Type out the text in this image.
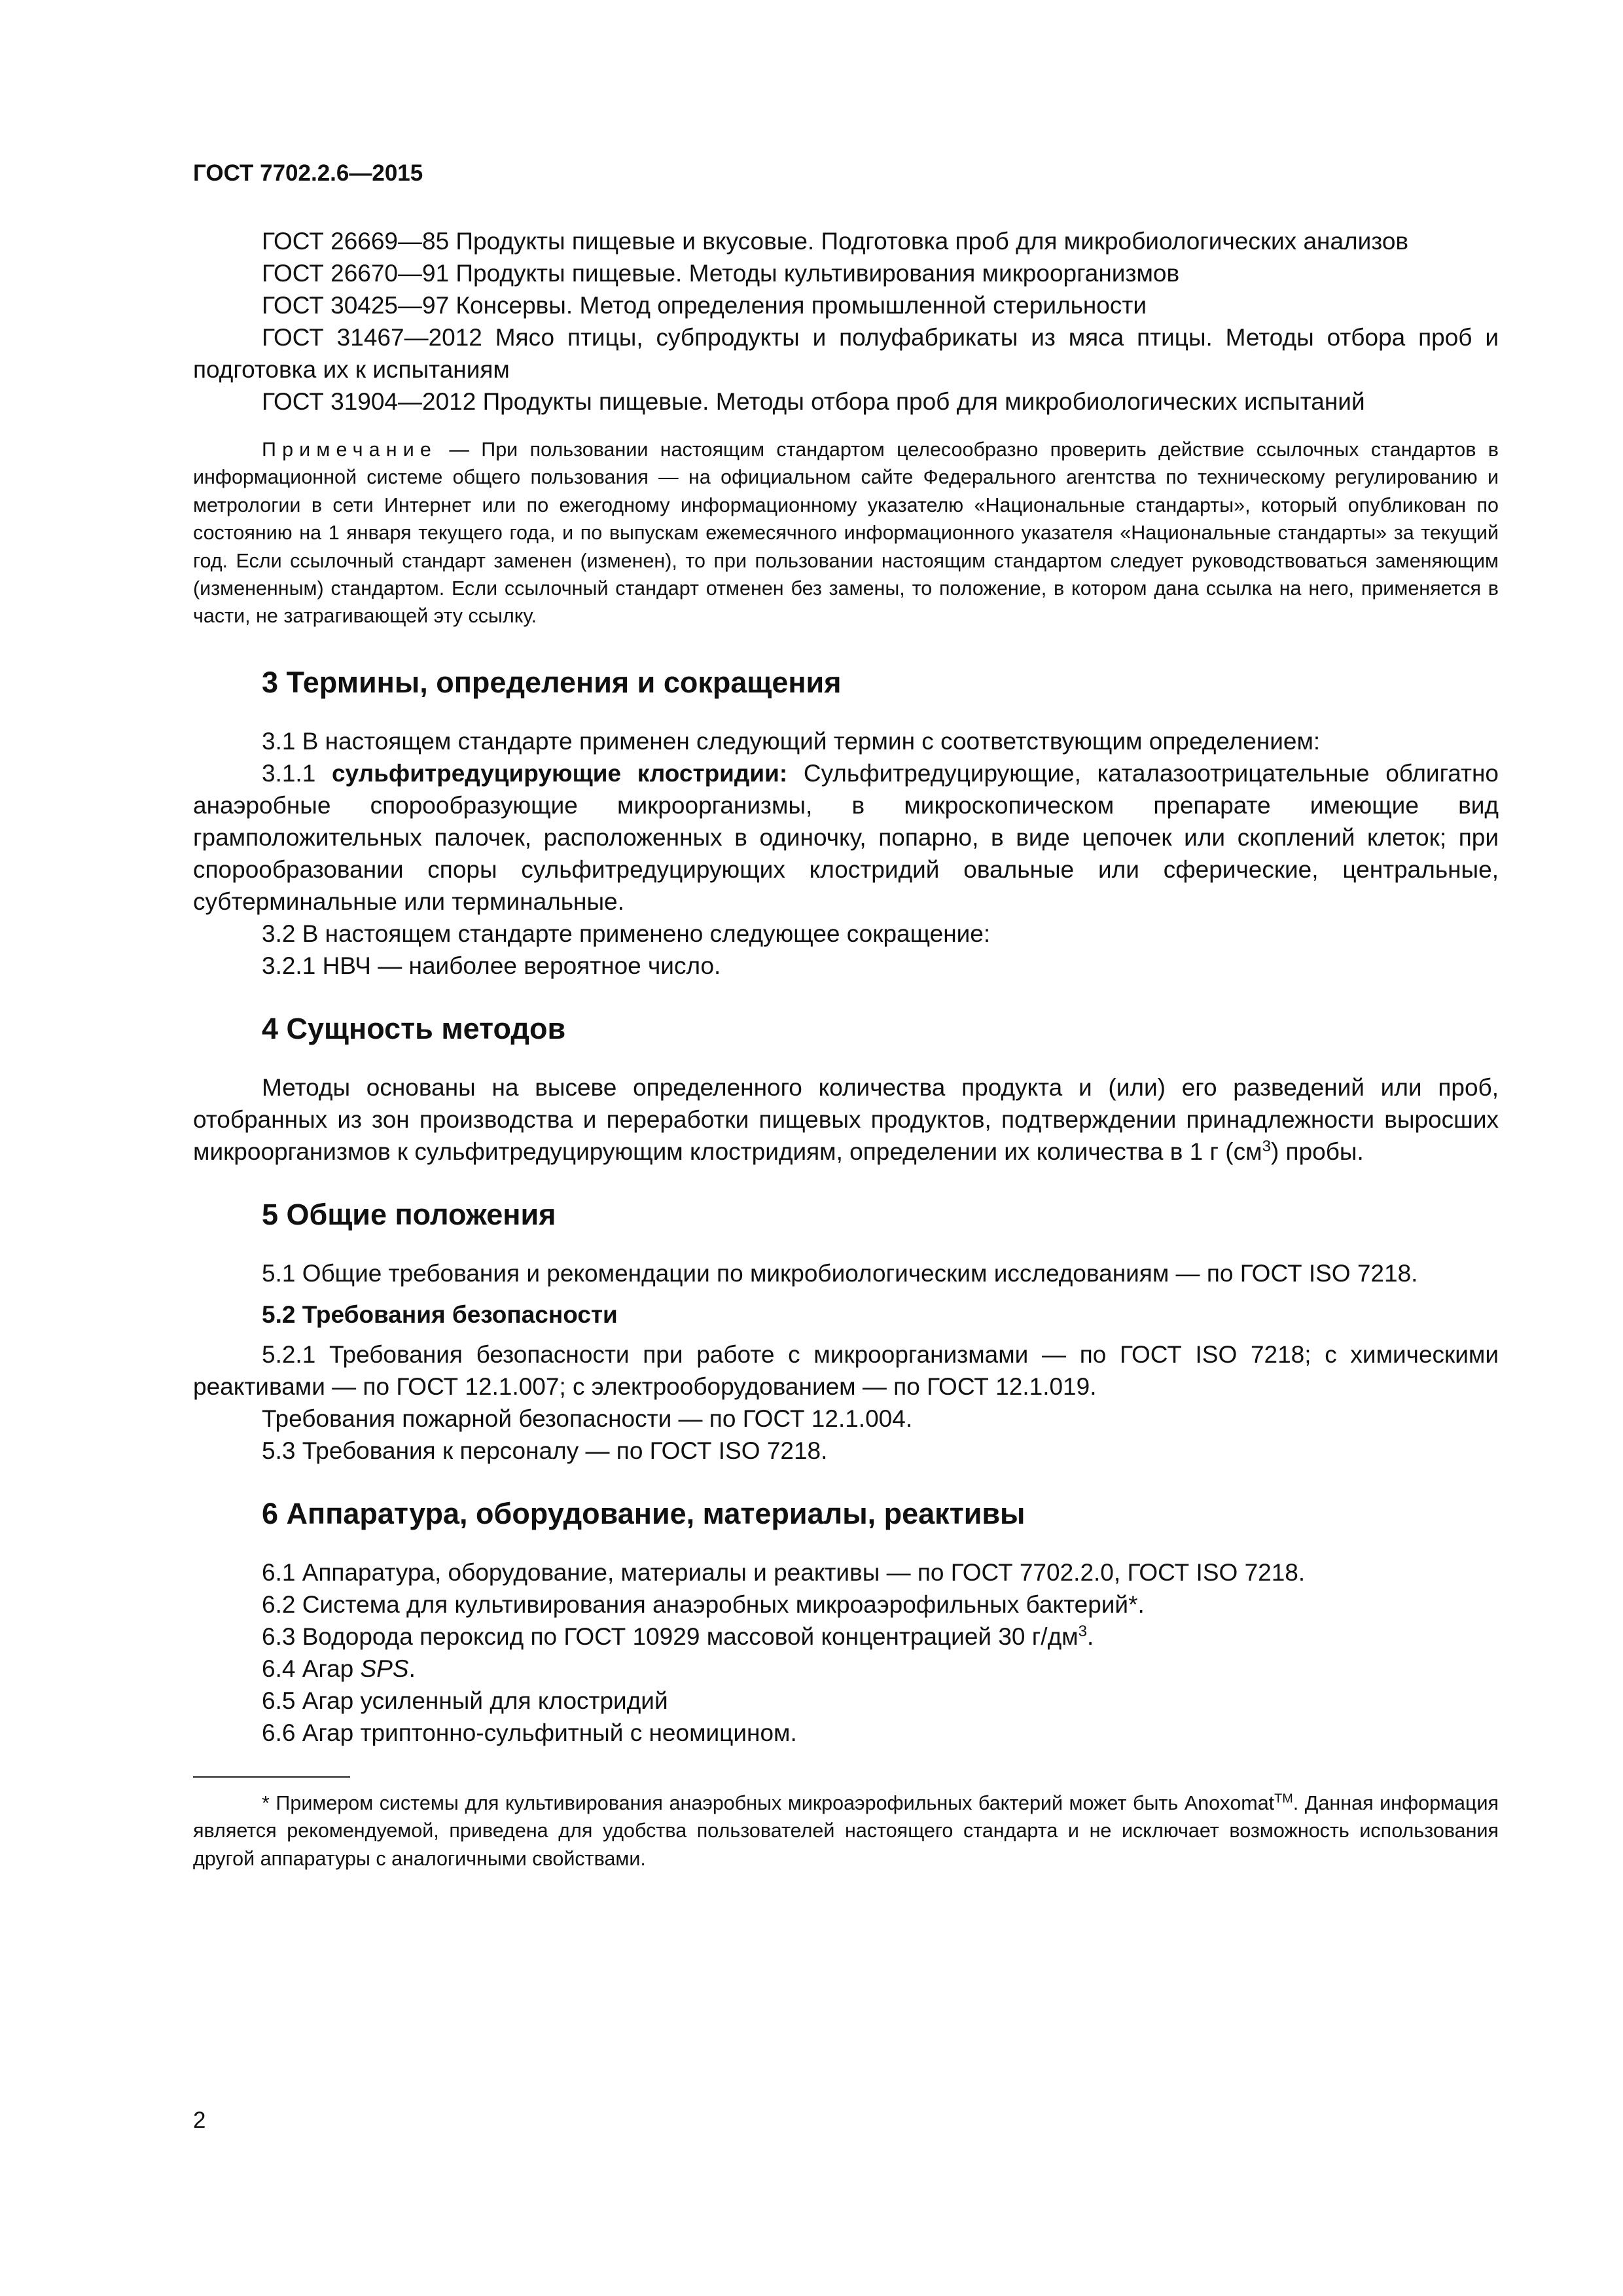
ГОСТ 7702.2.6—2015

ГОСТ 26669—85 Продукты пищевые и вкусовые. Подготовка проб для микробиологических анализов

ГОСТ 26670—91 Продукты пищевые. Методы культивирования микроорганизмов

ГОСТ 30425—97 Консервы. Метод определения промышленной стерильности

ГОСТ 31467—2012 Мясо птицы, субпродукты и полуфабрикаты из мяса птицы. Методы отбора проб и подготовка их к испытаниям

ГОСТ 31904—2012 Продукты пищевые. Методы отбора проб для микробиологических испытаний

Примечание — При пользовании настоящим стандартом целесообразно проверить действие ссылочных стандартов в информационной системе общего пользования — на официальном сайте Федерального агентства по техническому регулированию и метрологии в сети Интернет или по ежегодному информационному указателю «Национальные стандарты», который опубликован по состоянию на 1 января текущего года, и по выпускам ежемесячного информационного указателя «Национальные стандарты» за текущий год. Если ссылочный стандарт заменен (изменен), то при пользовании настоящим стандартом следует руководствоваться заменяющим (измененным) стандартом. Если ссылочный стандарт отменен без замены, то положение, в котором дана ссылка на него, применяется в части, не затрагивающей эту ссылку.

3 Термины, определения и сокращения

3.1 В настоящем стандарте применен следующий термин с соответствующим определением:

3.1.1 сульфитредуцирующие клостридии: Сульфитредуцирующие, каталазоотрицательные облигатно анаэробные спорообразующие микроорганизмы, в микроскопическом препарате имеющие вид грамположительных палочек, расположенных в одиночку, попарно, в виде цепочек или скоплений клеток; при спорообразовании споры сульфитредуцирующих клостридий овальные или сферические, центральные, субтерминальные или терминальные.

3.2 В настоящем стандарте применено следующее сокращение:

3.2.1 НВЧ — наиболее вероятное число.

4 Сущность методов

Методы основаны на высеве определенного количества продукта и (или) его разведений или проб, отобранных из зон производства и переработки пищевых продуктов, подтверждении принадлежности выросших микроорганизмов к сульфитредуцирующим клостридиям, определении их количества в 1 г $(см^3)$ пробы.

5 Общие положения

5.1 Общие требования и рекомендации по микробиологическим исследованиям — по ГОСТ ISO 7218.

5.2 Требования безопасности

5.2.1 Требования безопасности при работе с микроорганизмами — по ГОСТ ISO 7218; с химическими реактивами — по ГОСТ 12.1.007; с электрооборудованием — по ГОСТ 12.1.019.

Требования пожарной безопасности — по ГОСТ 12.1.004.

5.3 Требования к персоналу — по ГОСТ ISO 7218.

6 Аппаратура, оборудование, материалы, реактивы

6.1 Аппаратура, оборудование, материалы и реактивы — по ГОСТ 7702.2.0, ГОСТ ISO 7218.

6.2 Система для культивирования анаэробных микроаэрофильных бактерий*.

6.3 Водорода пероксид по ГОСТ 10929 массовой концентрацией 30 $г/дм^3$.

6.4 Агар SPS.

6.5 Агар усиленный для клостридий

6.6 Агар триптонно-сульфитный с неомицином.

* Примером системы для культивирования анаэробных микроаэрофильных бактерий может быть Anoxomat™. Данная информация является рекомендуемой, приведена для удобства пользователей настоящего стандарта и не исключает возможность использования другой аппаратуры с аналогичными свойствами.

2
